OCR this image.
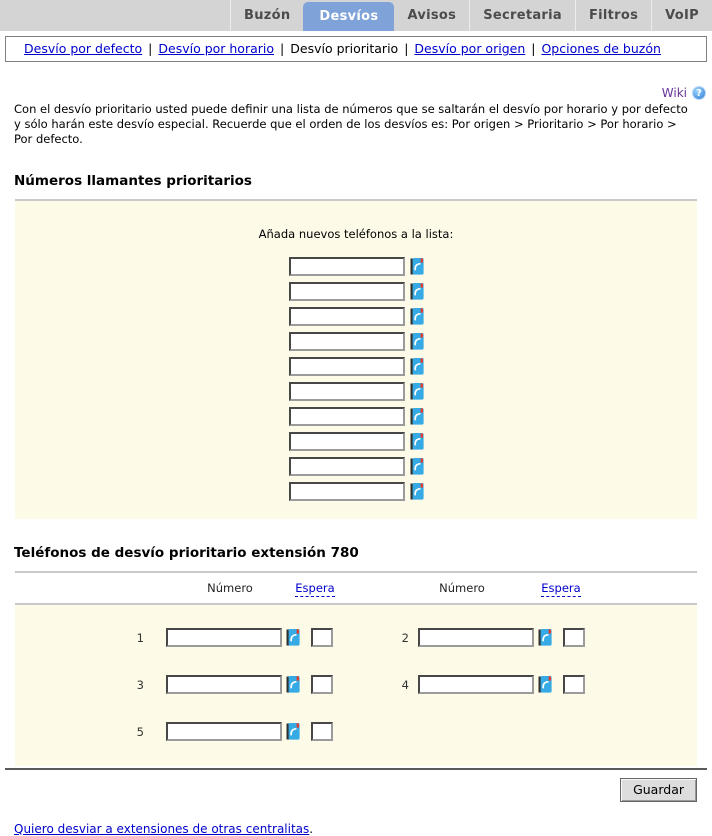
Buzón	Desvíos	Avisos	Secretaria	Filtros	VoIP
Desvío por defecto | Desvío por horario | Desvío prioritario | Desvío por origen | Opciones de buzón
Wiki ?

Con el desvío prioritario usted puede definir una lista de números que se saltarán el desvío por horario y por defecto y sólo harán este desvío especial. Recuerde que el orden de los desvíos es: Por origen > Prioritario > Por horario > Por defecto.

Números llamantes prioritarios
Añada nuevos teléfonos a la lista:
Teléfonos de desvío prioritario extensión 780
Número	Espera	Número	Espera
1	2
3	4
5
Guardar
Quiero desviar a extensiones de otras centralitas.
